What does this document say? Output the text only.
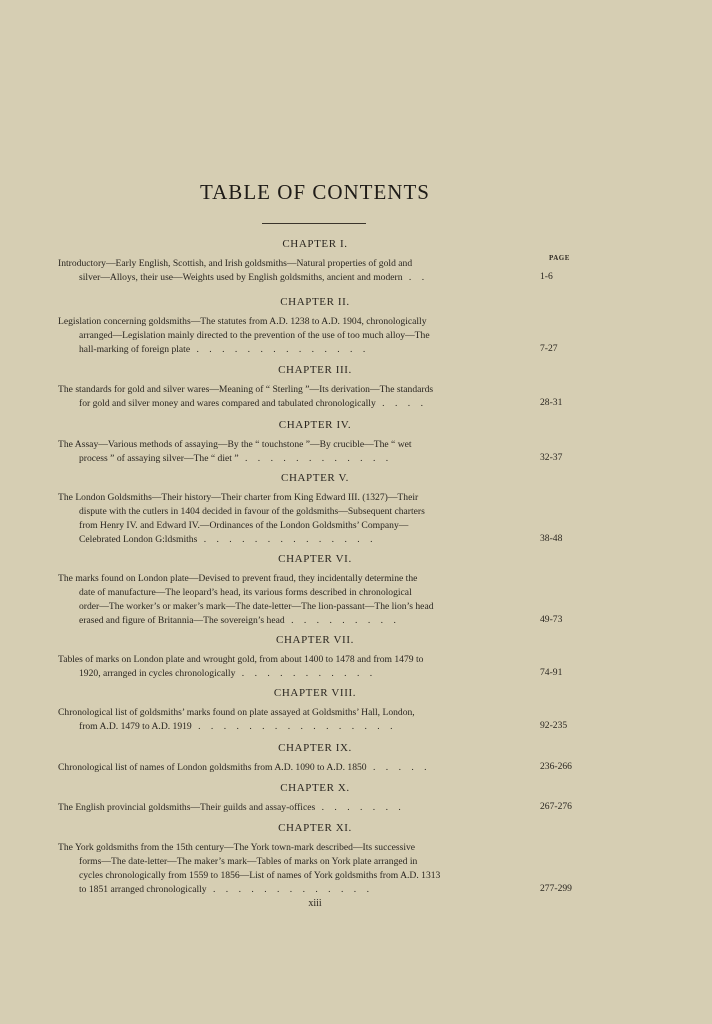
TABLE OF CONTENTS
PAGE
CHAPTER I.
Introductory—Early English, Scottish, and Irish goldsmiths—Natural properties of gold and
silver—Alloys, their use—Weights used by English goldsmiths, ancient and modern . .	1-6
CHAPTER II.
Legislation concerning goldsmiths—The statutes from A.D. 1238 to A.D. 1904, chronologically
arranged—Legislation mainly directed to the prevention of the use of too much alloy—The
hall-marking of foreign plate . . . . . . . . . . . . . .	7-27
CHAPTER III.
The standards for gold and silver wares—Meaning of “ Sterling ”—Its derivation—The standards
for gold and silver money and wares compared and tabulated chronologically . . . .	28-31
CHAPTER IV.
The Assay—Various methods of assaying—By the “ touchstone ”—By crucible—The “ wet
process ” of assaying silver—The “ diet ” . . . . . . . . . . . .	32-37
CHAPTER V.
The London Goldsmiths—Their history—Their charter from King Edward III. (1327)—Their
dispute with the cutlers in 1404 decided in favour of the goldsmiths—Subsequent charters
from Henry IV. and Edward IV.—Ordinances of the London Goldsmiths’ Company—
Celebrated London G:ldsmiths . . . . . . . . . . . . . .	38-48
CHAPTER VI.
The marks found on London plate—Devised to prevent fraud, they incidentally determine the
date of manufacture—The leopard’s head, its various forms described in chronological
order—The worker’s or maker’s mark—The date-letter—The lion-passant—The lion’s head
erased and figure of Britannia—The sovereign’s head . . . . . . . . .	49-73
CHAPTER VII.
Tables of marks on London plate and wrought gold, from about 1400 to 1478 and from 1479 to
1920, arranged in cycles chronologically . . . . . . . . . . .	74-91
CHAPTER VIII.
Chronological list of goldsmiths’ marks found on plate assayed at Goldsmiths’ Hall, London,
from A.D. 1479 to A.D. 1919 . . . . . . . . . . . . . . . .	92-235
CHAPTER IX.
Chronological list of names of London goldsmiths from A.D. 1090 to A.D. 1850 . . . . .	236-266
CHAPTER X.
The English provincial goldsmiths—Their guilds and assay-offices . . . . . . .	267-276
CHAPTER XI.
The York goldsmiths from the 15th century—The York town-mark described—Its successive
forms—The date-letter—The maker’s mark—Tables of marks on York plate arranged in
cycles chronologically from 1559 to 1856—List of names of York goldsmiths from A.D. 1313
to 1851 arranged chronologically . . . . . . . . . . . . .	277-299
xiii
